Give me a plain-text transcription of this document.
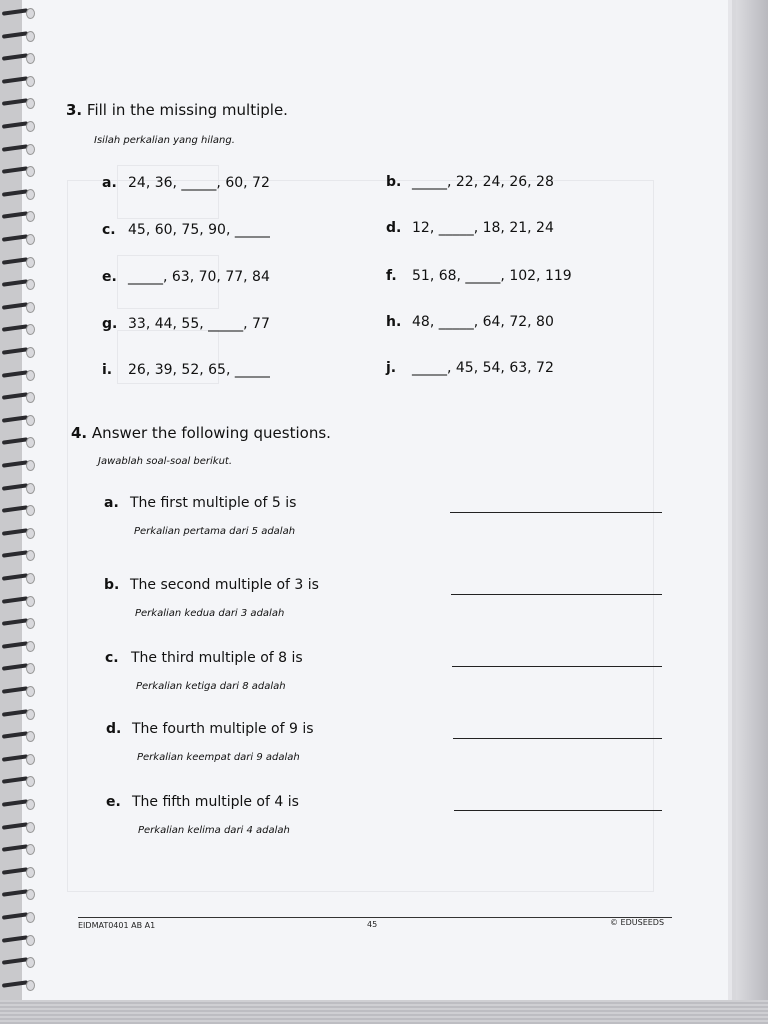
3. Fill in the missing multiple.
Isilah perkalian yang hilang.
a. 24, 36, _____, 60, 72	b. _____, 22, 24, 26, 28
c. 45, 60, 75, 90, _____	d. 12, _____, 18, 21, 24
e. _____, 63, 70, 77, 84	f. 51, 68, _____, 102, 119
g. 33, 44, 55, _____, 77	h. 48, _____, 64, 72, 80
i. 26, 39, 52, 65, _____	j. _____, 45, 54, 63, 72
4. Answer the following questions.
Jawablah soal-soal berikut.
a. The first multiple of 5 is
Perkalian pertama dari 5 adalah
b. The second multiple of 3 is
Perkalian kedua dari 3 adalah
c. The third multiple of 8 is
Perkalian ketiga dari 8 adalah
d. The fourth multiple of 9 is
Perkalian keempat dari 9 adalah
e. The fifth multiple of 4 is
Perkalian kelima dari 4 adalah
EIDMAT0401 AB A1	45	© EDUSEEDS
